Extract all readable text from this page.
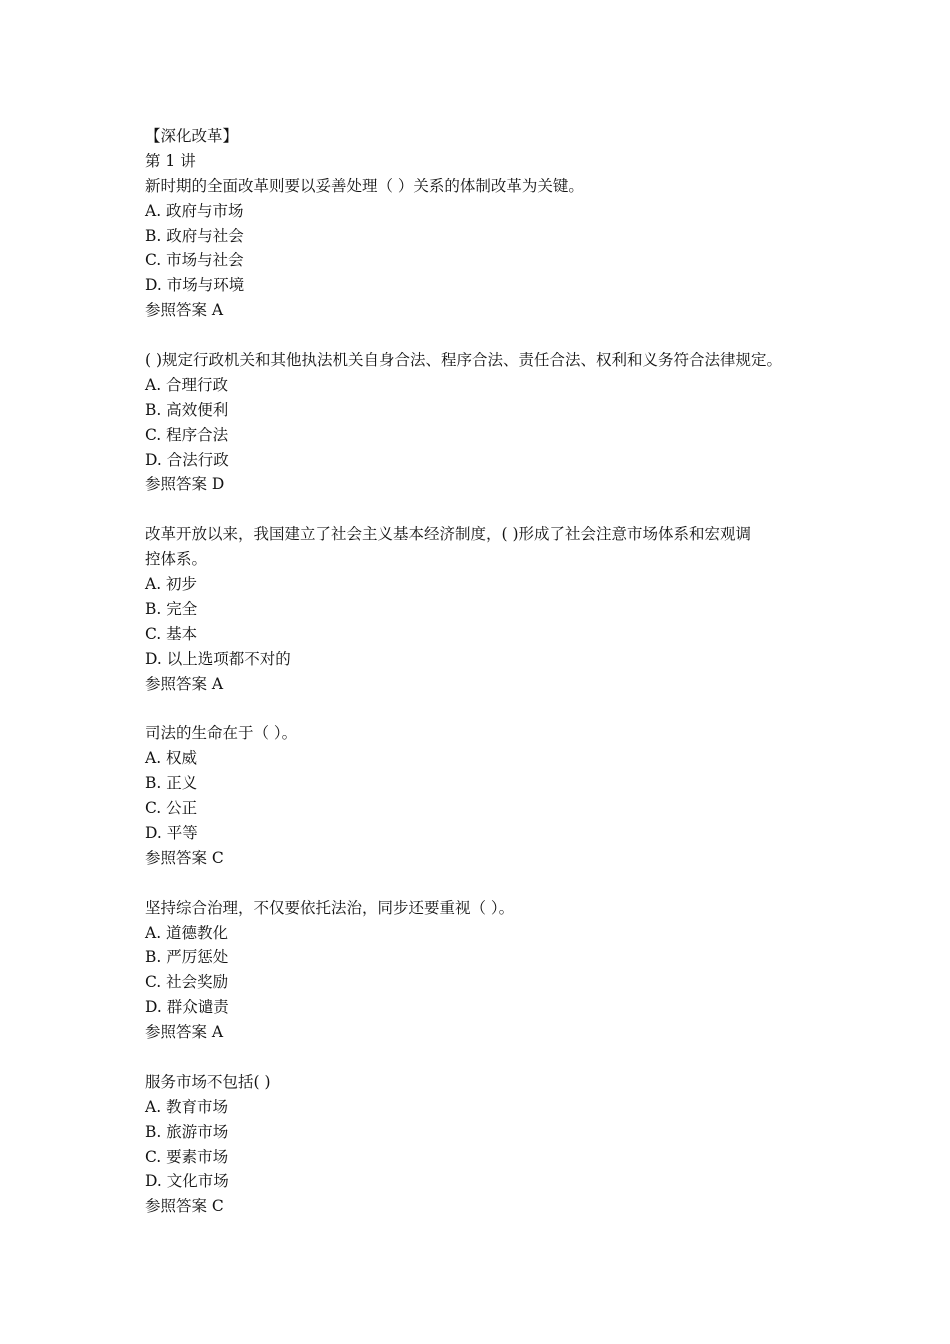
【深化改革】

第 1 讲

新时期的全面改革则要以妥善处理（ ）关系的体制改革为关键。

A. 政府与市场

B. 政府与社会

C. 市场与社会

D. 市场与环境

参照答案 A

( )规定行政机关和其他执法机关自身合法、程序合法、责任合法、权利和义务符合法律规定。

A. 合理行政

B. 高效便利

C. 程序合法

D. 合法行政

参照答案 D

改革开放以来，我国建立了社会主义基本经济制度，( )形成了社会注意市场体系和宏观调

控体系。

A. 初步

B. 完全

C. 基本

D. 以上选项都不对的

参照答案 A

司法的生命在于（ ）。

A. 权威

B. 正义

C. 公正

D. 平等

参照答案 C

坚持综合治理，不仅要依托法治，同步还要重视（ ）。

A. 道德教化

B. 严厉惩处

C. 社会奖励

D. 群众谴责

参照答案 A

服务市场不包括( )

A. 教育市场

B. 旅游市场

C. 要素市场

D. 文化市场

参照答案 C
